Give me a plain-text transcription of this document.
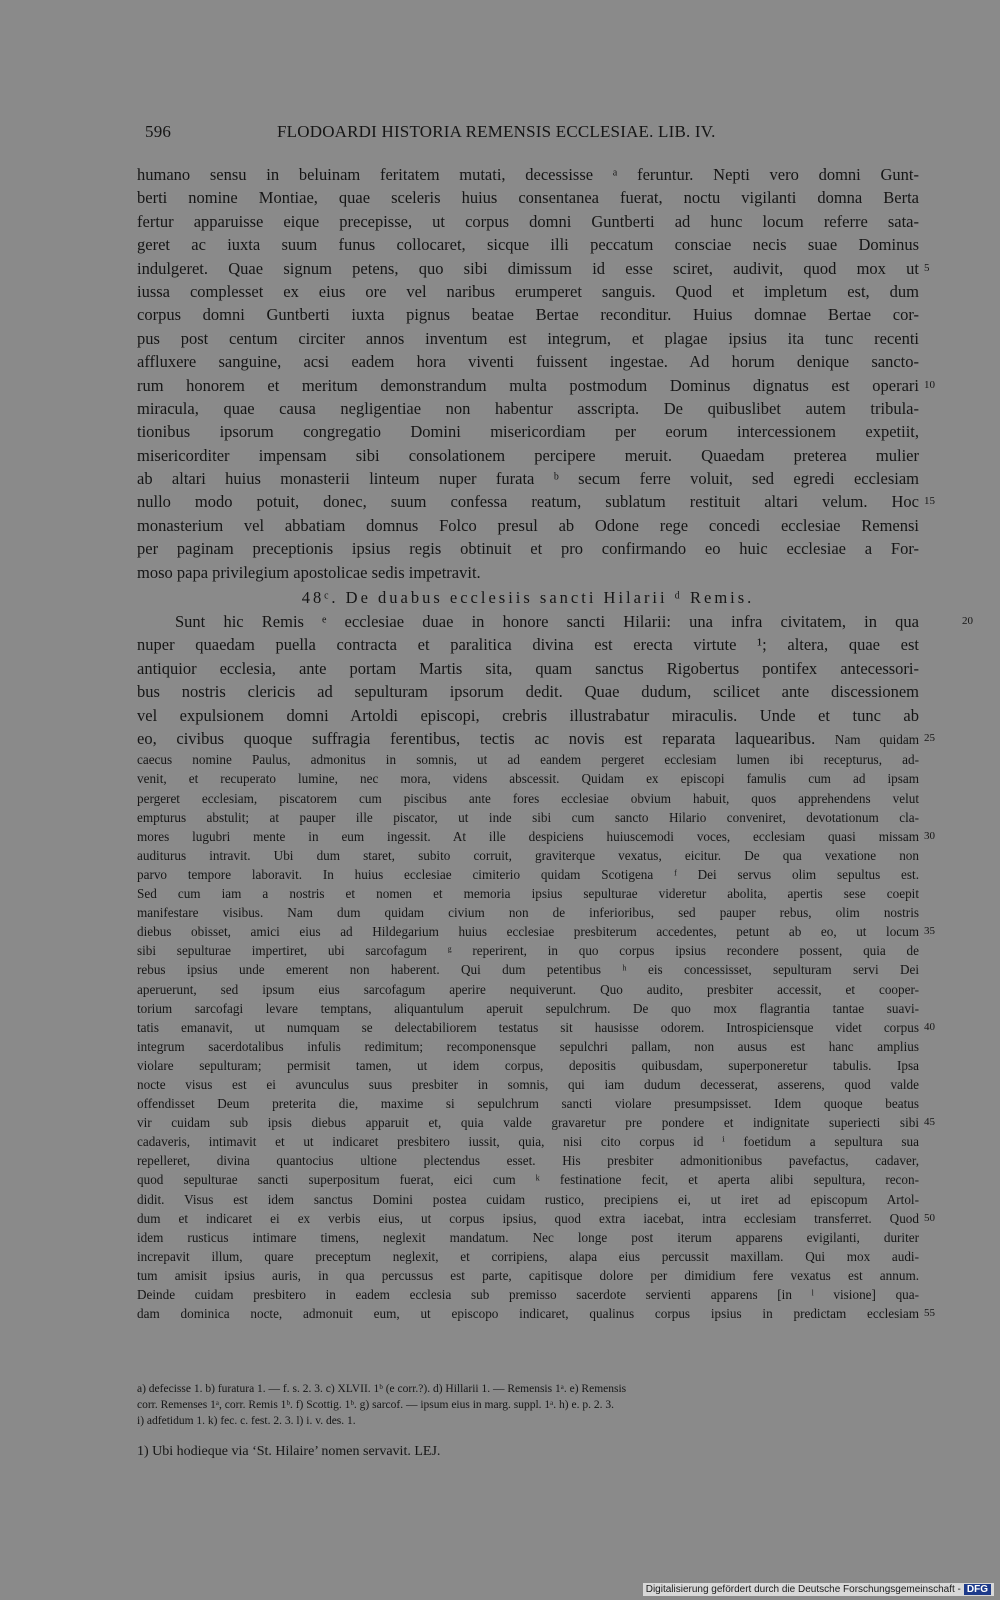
596	FLODOARDI HISTORIA REMENSIS ECCLESIAE. LIB. IV.
humano sensu in beluinam feritatem mutati, decessisse ᵃ feruntur. Nepti vero domni Gunt-
berti nomine Montiae, quae sceleris huius consentanea fuerat, noctu vigilanti domna Berta
fertur apparuisse eique precepisse, ut corpus domni Guntberti ad hunc locum referre sata-
geret ac iuxta suum funus collocaret, sicque illi peccatum consciae necis suae Dominus
indulgeret. Quae signum petens, quo sibi dimissum id esse sciret, audivit, quod mox ut 5
iussa complesset ex eius ore vel naribus erumperet sanguis. Quod et impletum est, dum
corpus domni Guntberti iuxta pignus beatae Bertae reconditur. Huius domnae Bertae cor-
pus post centum circiter annos inventum est integrum, et plagae ipsius ita tunc recenti
affluxere sanguine, acsi eadem hora viventi fuissent ingestae. Ad horum denique sancto-
rum honorem et meritum demonstrandum multa postmodum Dominus dignatus est operari 10
miracula, quae causa negligentiae non habentur asscripta. De quibuslibet autem tribula-
tionibus ipsorum congregatio Domini misericordiam per eorum intercessionem expetiit,
misericorditer impensam sibi consolationem percipere meruit. Quaedam preterea mulier
ab altari huius monasterii linteum nuper furata ᵇ secum ferre voluit, sed egredi ecclesiam
nullo modo potuit, donec, suum confessa reatum, sublatum restituit altari velum. Hoc 15
monasterium vel abbatiam domnus Folco presul ab Odone rege concedi ecclesiae Remensi
per paginam preceptionis ipsius regis obtinuit et pro confirmando eo huic ecclesiae a For-
moso papa privilegium apostolicae sedis impetravit.
48ᶜ. De duabus ecclesiis sancti Hilarii ᵈ Remis.
Sunt hic Remis ᵉ ecclesiae duae in honore sancti Hilarii: una infra civitatem, in qua	20
nuper quaedam puella contracta et paralitica divina est erecta virtute ¹; altera, quae est
antiquior ecclesia, ante portam Martis sita, quam sanctus Rigobertus pontifex antecessori-
bus nostris clericis ad sepulturam ipsorum dedit. Quae dudum, scilicet ante discessionem
vel expulsionem domni Artoldi episcopi, crebris illustrabatur miraculis. Unde et tunc ab
eo, civibus quoque suffragia ferentibus, tectis ac novis est reparata laquearibus. Nam quidam 25
caecus nomine Paulus, admonitus in somnis, ut ad eandem pergeret ecclesiam lumen ibi recepturus, ad-
venit, et recuperato lumine, nec mora, videns abscessit. Quidam ex episcopi famulis cum ad ipsam
pergeret ecclesiam, piscatorem cum piscibus ante fores ecclesiae obvium habuit, quos apprehendens velut
empturus abstulit; at pauper ille piscator, ut inde sibi cum sancto Hilario conveniret, devotationum cla-
mores lugubri mente in eum ingessit. At ille despiciens huiuscemodi voces, ecclesiam quasi missam 30
auditurus intravit. Ubi dum staret, subito corruit, graviterque vexatus, eicitur. De qua vexatione non
parvo tempore laboravit. In huius ecclesiae cimiterio quidam Scotigena ᶠ Dei servus olim sepultus est.
Sed cum iam a nostris et nomen et memoria ipsius sepulturae videretur abolita, apertis sese coepit
manifestare visibus. Nam dum quidam civium non de inferioribus, sed pauper rebus, olim nostris
diebus obisset, amici eius ad Hildegarium huius ecclesiae presbiterum accedentes, petunt ab eo, ut locum 35
sibi sepulturae impertiret, ubi sarcofagum ᵍ reperirent, in quo corpus ipsius recondere possent, quia de
rebus ipsius unde emerent non haberent. Qui dum petentibus ʰ eis concessisset, sepulturam servi Dei
aperuerunt, sed ipsum eius sarcofagum aperire nequiverunt. Quo audito, presbiter accessit, et cooper-
torium sarcofagi levare temptans, aliquantulum aperuit sepulchrum. De quo mox flagrantia tantae suavi-
tatis emanavit, ut numquam se delectabiliorem testatus sit hausisse odorem. Introspiciensque videt corpus 40
integrum sacerdotalibus infulis redimitum; recomponensque sepulchri pallam, non ausus est hanc amplius
violare sepulturam; permisit tamen, ut idem corpus, depositis quibusdam, superponeretur tabulis. Ipsa
nocte visus est ei avunculus suus presbiter in somnis, qui iam dudum decesserat, asserens, quod valde
offendisset Deum preterita die, maxime si sepulchrum sancti violare presumpsisset. Idem quoque beatus
vir cuidam sub ipsis diebus apparuit et, quia valde gravaretur pre pondere et indignitate superiecti sibi 45
cadaveris, intimavit et ut indicaret presbitero iussit, quia, nisi cito corpus id ⁱ foetidum a sepultura sua
repelleret, divina quantocius ultione plectendus esset. His presbiter admonitionibus pavefactus, cadaver,
quod sepulturae sancti superpositum fuerat, eici cum ᵏ festinatione fecit, et aperta alibi sepultura, recon-
didit. Visus est idem sanctus Domini postea cuidam rustico, precipiens ei, ut iret ad episcopum Artol-
dum et indicaret ei ex verbis eius, ut corpus ipsius, quod extra iacebat, intra ecclesiam transferret. Quod 50
idem rusticus intimare timens, neglexit mandatum. Nec longe post iterum apparens evigilanti, duriter
increpavit illum, quare preceptum neglexit, et corripiens, alapa eius percussit maxillam. Qui mox audi-
tum amisit ipsius auris, in qua percussus est parte, capitisque dolore per dimidium fere vexatus est annum.
Deinde cuidam presbitero in eadem ecclesia sub premisso sacerdote servienti apparens [in ˡ visione] qua-
dam dominica nocte, admonuit eum, ut episcopo indicaret, qualinus corpus ipsius in predictam ecclesiam 55
a) defecisse 1. b) furatura 1. — f. s. 2. 3. c) XLVII. 1ᵇ (e corr.?). d) Hillarii 1. — Remensis 1ᵃ. e) Remensis
corr. Remenses 1ᵃ, corr. Remis 1ᵇ. f) Scottig. 1ᵇ. g) sarcof. — ipsum eius in marg. suppl. 1ᵃ. h) e. p. 2. 3.
i) adfetidum 1. k) fec. c. fest. 2. 3. l) i. v. des. 1.
1) Ubi hodieque via ‘St. Hilaire’ nomen servavit. LEJ.
Digitalisierung gefördert durch die Deutsche Forschungsgemeinschaft - DFG
